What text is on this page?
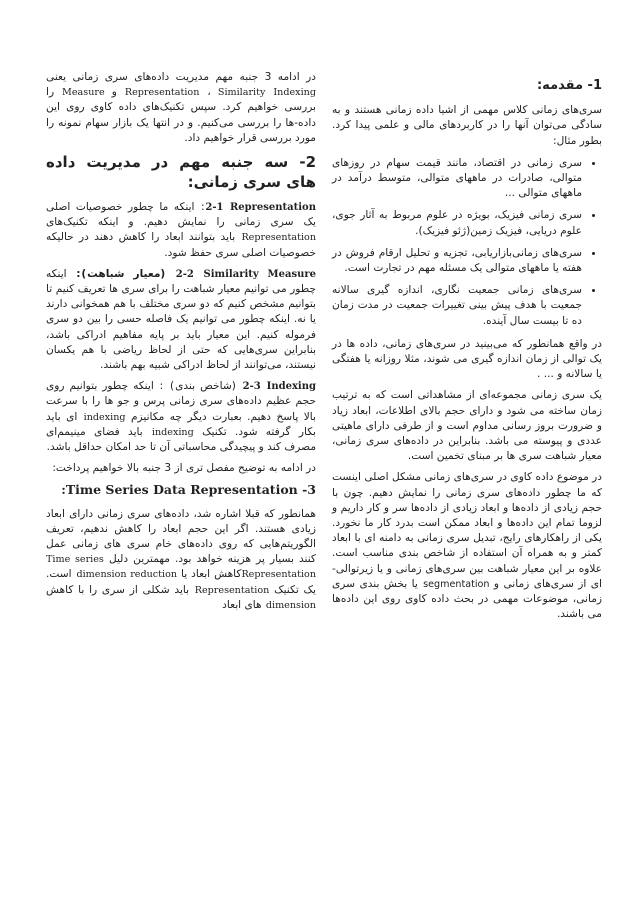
1- مقدمه:

سری‌های زمانی کلاس مهمی از اشیا داده زمانی هستند و به سادگی می‌توان آنها را در کاربردهای مالی و علمی پیدا کرد. بطور مثال:

• سری زمانی در اقتصاد، مانند قیمت سهام در روزهای متوالی، صادرات در ماههای متوالی، متوسط درآمد در ماههای متوالی ...
• سری زمانی فیزیک، بویژه در علوم مربوط به آثار جوی، علوم دریایی، فیزیک زمین(ژئو فیزیک).
• سری‌های زمانی‌بازاریابی، تجزیه و تحلیل ارقام فروش در هفته یا ماههای متوالی یک مسئله مهم در تجارت است.
• سری‌های زمانی جمعیت نگاری، اندازه گیری سالانه جمعیت با هدف پیش بینی تغییرات جمعیت در مدت زمان ده تا بیست سال آینده.

در واقع همانطور که می‌بینید در سری‌های زمانی، داده ها در یک توالی از زمان اندازه گیری می شوند، مثلا روزانه یا هفتگی یا سالانه و ... .

یک سری زمانی مجموعه‌ای از مشاهداتی است که به ترتیب زمان ساخته می شود و دارای حجم بالای اطلاعات، ابعاد زیاد و ضرورت بروز رسانی مداوم است و از طرفی دارای ماهیتی عددی و پیوسته می باشد. بنابراین در داده‌های سری زمانی، معیار شباهت سری ها بر مبنای تخمین است.

در موضوع داده کاوی در سری‌های زمانی مشکل اصلی اینست که ما چطور داده‌های سری زمانی را نمایش دهیم. چون با حجم زیادی از داده‌ها و ابعاد زیادی از داده‌ها سر و کار داریم و لزوما تمام این داده‌ها و ابعاد ممکن است بدرد کار ما نخورد. یکی از راهکارهای رایج، تبدیل سری زمانی به دامنه ای با ابعاد کمتر و به همراه آن استفاده از شاخص بندی مناسب است. علاوه بر این معیار شباهت بین سری‌های زمانی و یا زیرتوالی-ای از سری‌های زمانی و segmentation یا بخش بندی سری زمانی، موضوعات مهمی در بحث داده کاوی روی این داده‌ها می باشند.

در ادامه 3 جنبه مهم مدیریت داده‌های سری زمانی یعنی Representation ، Similarity Indexing و Measure را بررسی خواهیم کرد. سپس تکنیک‌های داده کاوی روی این داده-ها را بررسی می‌کنیم. و در انتها یک بازار سهام نمونه را مورد بررسی قرار خواهیم داد.

2- سه جنبه مهم در مدیریت داده های سری زمانی:

2-1 Representation: اینکه ما چطور خصوصیات اصلی یک سری زمانی را نمایش دهیم. و اینکه تکنیک‌های Representation باید بتوانند ابعاد را کاهش دهند در حالیکه خصوصیات اصلی سری حفظ شود.

2-2 Similarity Measure (معیار شباهت): اینکه چطور می توانیم معیار شباهت را برای سری ها تعریف کنیم تا بتوانیم مشخص کنیم که دو سری مختلف با هم همخوانی دارند یا نه. اینکه چطور می توانیم یک فاصله حسی را بین دو سری فرموله کنیم. این معیار باید بر پایه مفاهیم ادراکی باشد، بنابراین سری‌هایی که حتی از لحاظ ریاضی با هم یکسان نیستند، می‌توانند از لحاظ ادراکی شبیه بهم باشند.

2-3 Indexing (شاخص بندی) : اینکه چطور بتوانیم روی حجم عظیم داده‌های سری زمانی پرس و جو ها را با سرعت بالا پاسخ دهیم. بعبارت دیگر چه مکانیزم indexing ای باید بکار گرفته شود. تکنیک indexing باید فضای مینیمم‌ای مصرف کند و پیچیدگی محاسباتی آن تا حد امکان حداقل باشد.

در ادامه به توضیح مفصل تری از 3 جنبه بالا خواهیم پرداخت:

:Time Series Data Representation -3

همانطور که قبلا اشاره شد، داده‌های سری زمانی دارای ابعاد زیادی هستند. اگر این حجم ابعاد را کاهش ندهیم، تعریف الگوریتم‌هایی که روی داده‌های خام سری های زمانی عمل کنند بسیار پر هزینه خواهد بود. مهمترین دلیل Time series Representationکاهش ابعاد یا dimension reduction است. یک تکنیک Representation باید شکلی از سری را با کاهش dimension های ابعاد
